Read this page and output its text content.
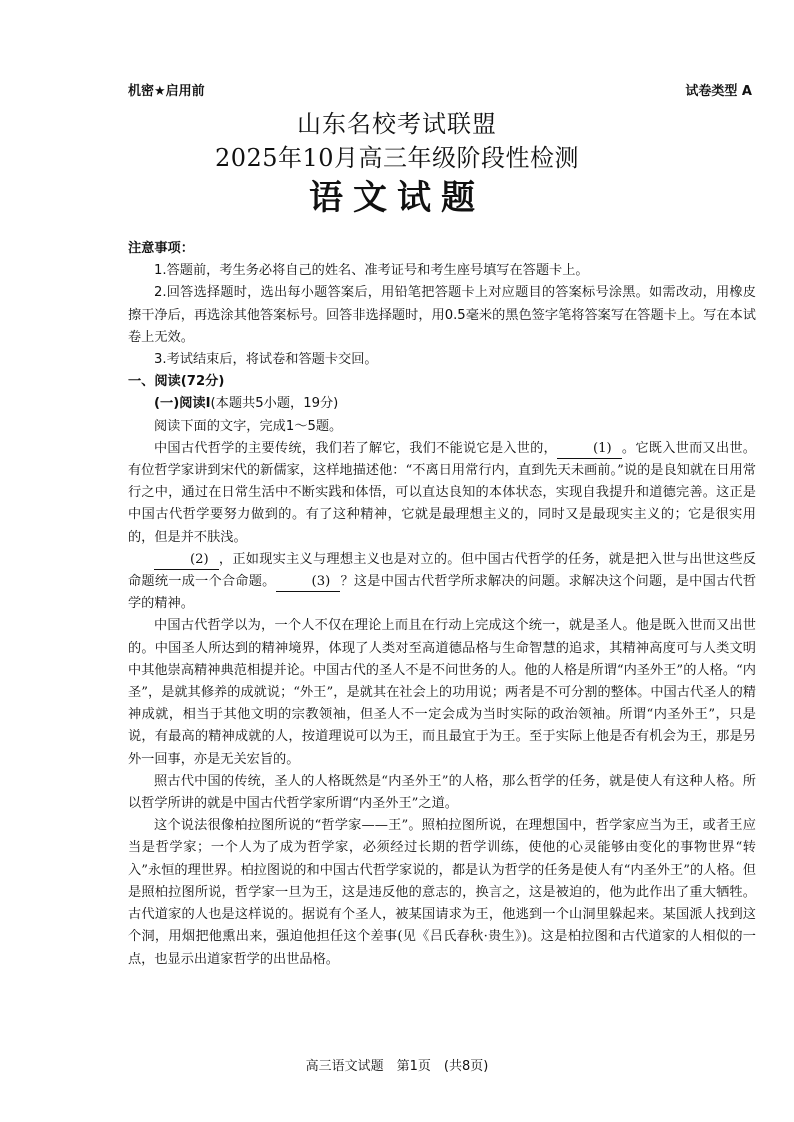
机密★启用前	试卷类型 A
山东名校考试联盟
2025年10月高三年级阶段性检测
语文试题

注意事项：

1.答题前，考生务必将自己的姓名、准考证号和考生座号填写在答题卡上。

2.回答选择题时，选出每小题答案后，用铅笔把答题卡上对应题目的答案标号涂黑。如需改动，用橡皮擦干净后，再选涂其他答案标号。回答非选择题时，用0.5毫米的黑色签字笔将答案写在答题卡上。写在本试卷上无效。

3.考试结束后，将试卷和答题卡交回。

一、阅读(72分)

(一)阅读Ⅰ(本题共5小题，19分)

阅读下面的文字，完成1～5题。

中国古代哲学的主要传统，我们若了解它，我们不能说它是入世的，	(1) 。它既入世而又出世。有位哲学家讲到宋代的新儒家，这样地描述他：“不离日用常行内，直到先天未画前。”说的是良知就在日用常行之中，通过在日常生活中不断实践和体悟，可以直达良知的本体状态，实现自我提升和道德完善。这正是中国古代哲学要努力做到的。有了这种精神，它就是最理想主义的，同时又是最现实主义的；它是很实用的，但是并不肤浅。

(2) ，正如现实主义与理想主义也是对立的。但中国古代哲学的任务，就是把入世与出世这些反命题统一成一个合命题。	(3) ？这是中国古代哲学所求解决的问题。求解决这个问题，是中国古代哲学的精神。

中国古代哲学以为，一个人不仅在理论上而且在行动上完成这个统一，就是圣人。他是既入世而又出世的。中国圣人所达到的精神境界，体现了人类对至高道德品格与生命智慧的追求，其精神高度可与人类文明中其他崇高精神典范相提并论。中国古代的圣人不是不问世务的人。他的人格是所谓“内圣外王”的人格。“内圣”，是就其修养的成就说；“外王”，是就其在社会上的功用说；两者是不可分割的整体。中国古代圣人的精神成就，相当于其他文明的宗教领袖，但圣人不一定会成为当时实际的政治领袖。所谓“内圣外王”，只是说，有最高的精神成就的人，按道理说可以为王，而且最宜于为王。至于实际上他是否有机会为王，那是另外一回事，亦是无关宏旨的。

照古代中国的传统，圣人的人格既然是“内圣外王”的人格，那么哲学的任务，就是使人有这种人格。所以哲学所讲的就是中国古代哲学家所谓“内圣外王”之道。

这个说法很像柏拉图所说的“哲学家——王”。照柏拉图所说，在理想国中，哲学家应当为王，或者王应当是哲学家；一个人为了成为哲学家，必须经过长期的哲学训练，使他的心灵能够由变化的事物世界“转入”永恒的理世界。柏拉图说的和中国古代哲学家说的，都是认为哲学的任务是使人有“内圣外王”的人格。但是照柏拉图所说，哲学家一旦为王，这是违反他的意志的，换言之，这是被迫的，他为此作出了重大牺牲。古代道家的人也是这样说的。据说有个圣人，被某国请求为王，他逃到一个山洞里躲起来。某国派人找到这个洞，用烟把他熏出来，强迫他担任这个差事(见《吕氏春秋·贵生》)。这是柏拉图和古代道家的人相似的一点，也显示出道家哲学的出世品格。

高三语文试题　第1页　(共8页)
